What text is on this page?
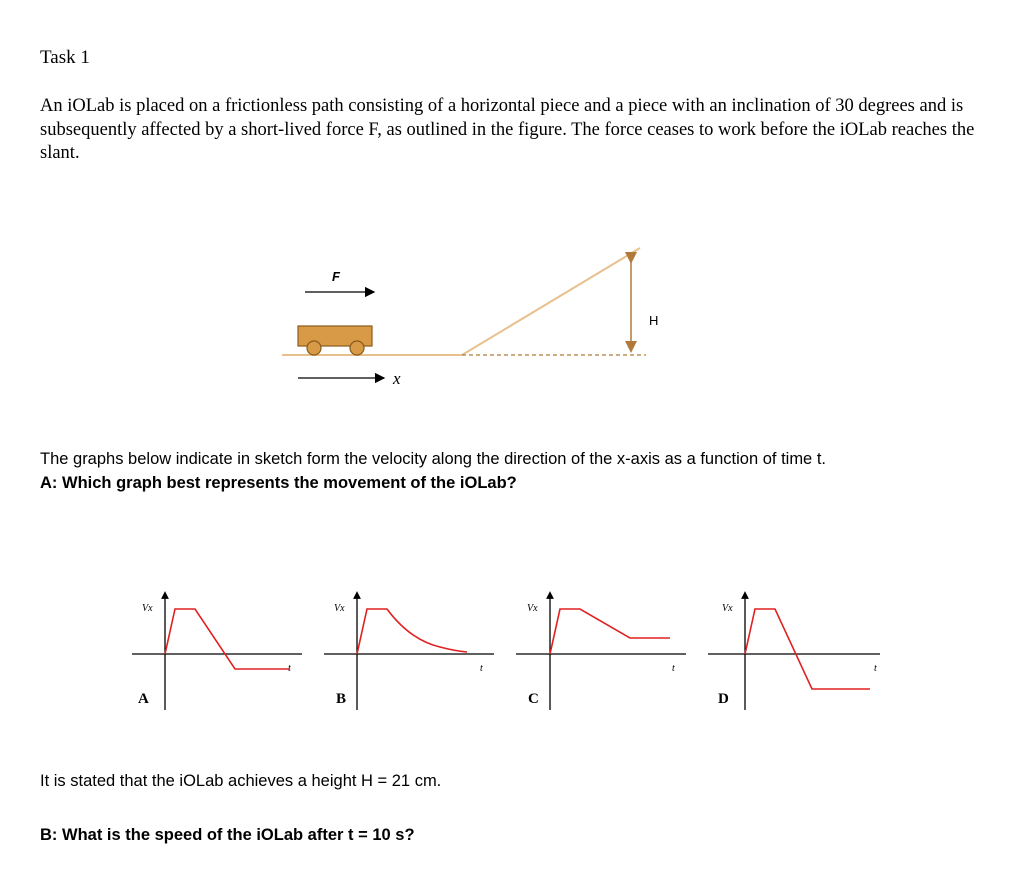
Task 1

An iOLab is placed on a frictionless path consisting of a horizontal piece and a piece with an inclination of 30 degrees and is subsequently affected by a short-lived force F, as outlined in the figure. The force ceases to work before the iOLab reaches the slant.

F
H
x

The graphs below indicate in sketch form the velocity along the direction of the x-axis as a function of time t.
A: Which graph best represents the movement of the iOLab?

Vx
t
A
Vx
t
B
Vx
t
C
Vx
t
D

It is stated that the iOLab achieves a height H = 21 cm.

B: What is the speed of the iOLab after t = 10 s?
